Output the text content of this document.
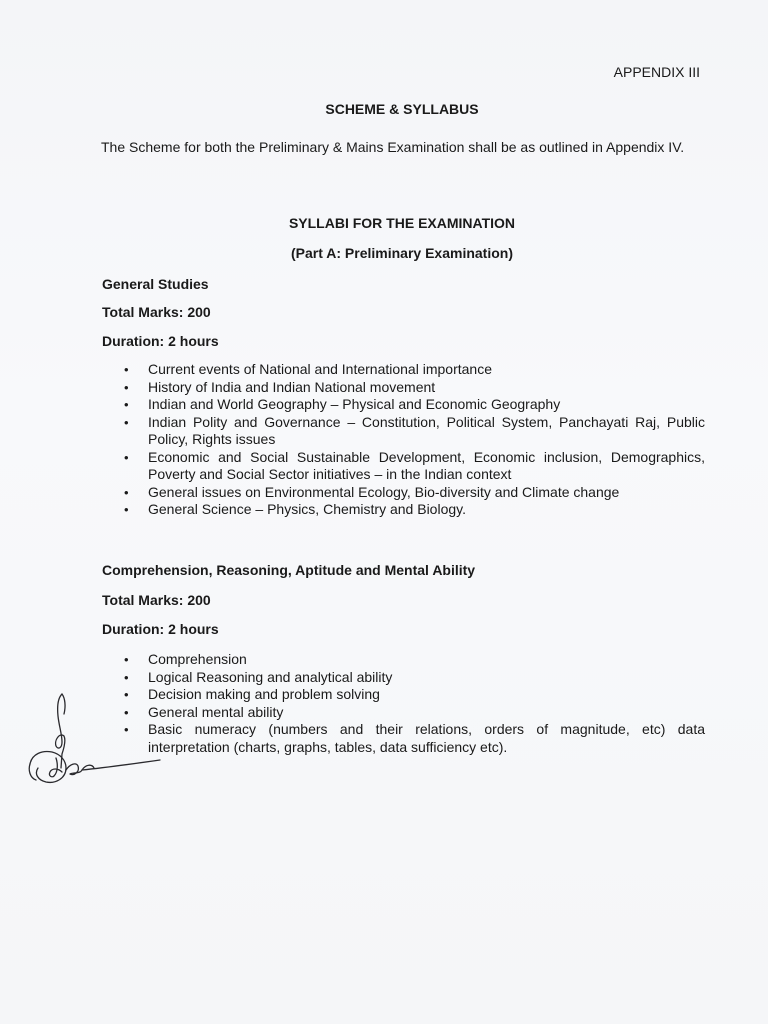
APPENDIX III
SCHEME & SYLLABUS
The Scheme for both the Preliminary & Mains Examination shall be as outlined in Appendix IV.
SYLLABI FOR THE EXAMINATION
(Part A: Preliminary Examination)
General Studies
Total Marks: 200
Duration: 2 hours
• Current events of National and International importance
• History of India and Indian National movement
• Indian and World Geography – Physical and Economic Geography
• Indian Polity and Governance – Constitution, Political System, Panchayati Raj, Public Policy, Rights issues
• Economic and Social Sustainable Development, Economic inclusion, Demographics, Poverty and Social Sector initiatives – in the Indian context
• General issues on Environmental Ecology, Bio-diversity and Climate change
• General Science – Physics, Chemistry and Biology.
Comprehension, Reasoning, Aptitude and Mental Ability
Total Marks: 200
Duration: 2 hours
• Comprehension
• Logical Reasoning and analytical ability
• Decision making and problem solving
• General mental ability
• Basic numeracy (numbers and their relations, orders of magnitude, etc) data interpretation (charts, graphs, tables, data sufficiency etc).
